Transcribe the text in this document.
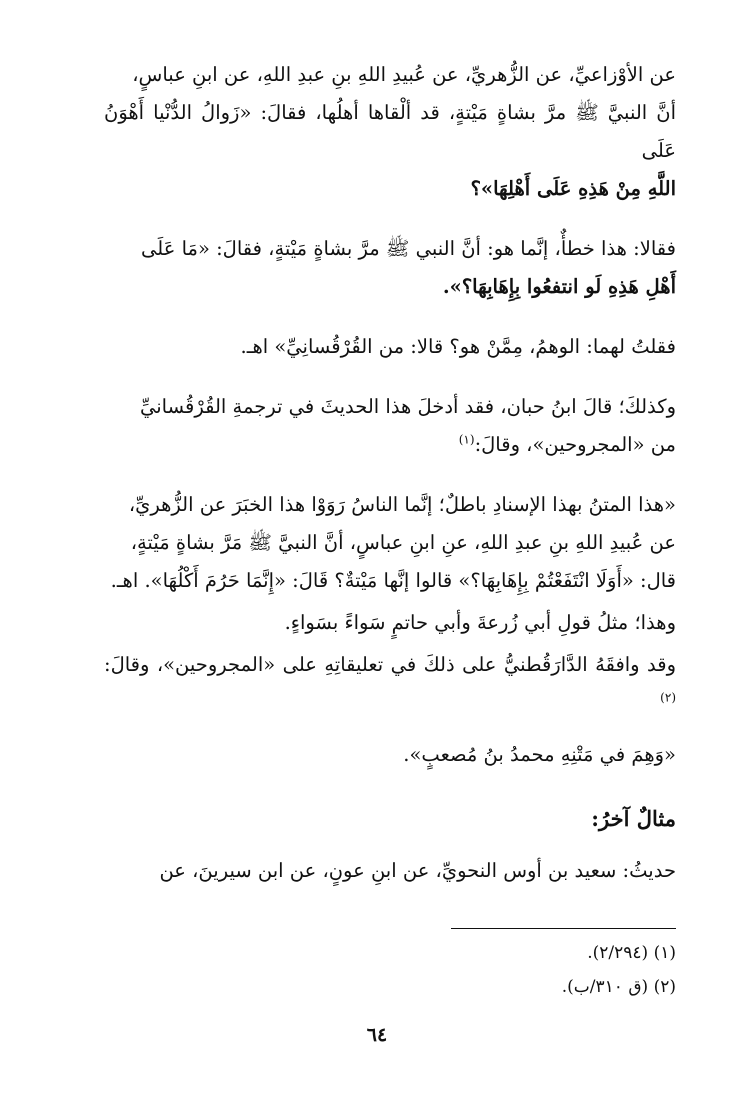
عن الأوْزاعيِّ، عن الزُّهريِّ، عن عُبيدِ اللهِ بنِ عبدِ اللهِ، عن ابنِ عباسٍ،
أنَّ النبيَّ ﷺ مرَّ بشاةٍ مَيْتةٍ، قد ألْقاها أهلُها، فقالَ: «زَوالُ الدُّنْيا أَهْوَنُ عَلَى
اللَّهِ مِنْ هَذِهِ عَلَى أَهْلِهَا»؟

فقالا: هذا خطأٌ، إنَّما هو: أنَّ النبي ﷺ مرَّ بشاةٍ مَيْتةٍ، فقالَ: «مَا عَلَى
أَهْلِ هَذِهِ لَو انتفعُوا بِإِهَابِهَا؟».

فقلتُ لهما: الوهمُ، مِمَّنْ هو؟ قالا: من القُرْقُسانِيِّ» اهـ.

وكذلكَ؛ قالَ ابنُ حبان، فقد أدخلَ هذا الحديثَ في ترجمةِ القُرْقُسانيِّ
من «المجروحين»، وقالَ:$^{(١)}$

«هذا المتنُ بهذا الإسنادِ باطلٌ؛ إنَّما الناسُ رَوَوْا هذا الخبَرَ عن الزُّهريِّ،
عن عُبيدِ اللهِ بنِ عبدِ اللهِ، عنِ ابنِ عباسٍ، أنَّ النبيَّ ﷺ مَرَّ بشاةٍ مَيْتةٍ،
قال: «أَوَلَا انْتَفَعْتُمْ بِإِهَابِهَا؟» قالوا إنَّها مَيْتةٌ؟ قَالَ: «إِنَّمَا حَرُمَ أَكْلُهَا». اهـ.

وهذا؛ مثلُ قولِ أبي زُرعةَ وأبي حاتمٍ سَواءً بسَواءٍ.

وقد وافقَهُ الدَّارَقُطنيُّ على ذلكَ في تعليقاتِهِ على «المجروحين»، وقالَ:$^{(٢)}$

«وَهِمَ في مَتْنِهِ محمدُ بنُ مُصعبٍ».

مثالٌ آخرُ:

حديثُ: سعيد بن أوس النحويِّ، عن ابنِ عونٍ، عن ابن سيرينَ، عن

(١) (٢/٢٩٤).

(٢) (ق ٣١٠/ب).

٦٤
